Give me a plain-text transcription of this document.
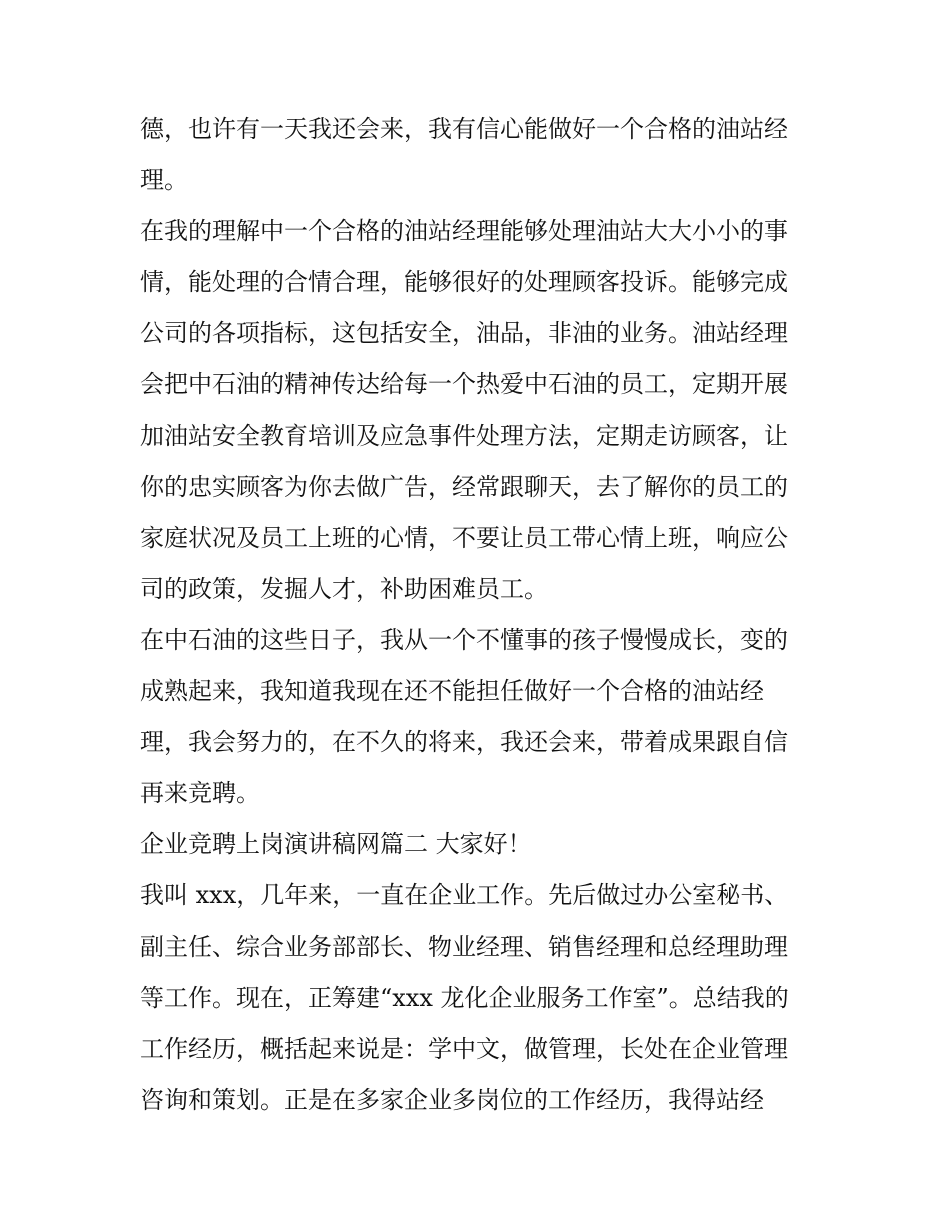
德，也许有一天我还会来，我有信心能做好一个合格的油站经
理。
在我的理解中一个合格的油站经理能够处理油站大大小小的事
情，能处理的合情合理，能够很好的处理顾客投诉。能够完成
公司的各项指标，这包括安全，油品，非油的业务。油站经理
会把中石油的精神传达给每一个热爱中石油的员工，定期开展
加油站安全教育培训及应急事件处理方法，定期走访顾客，让
你的忠实顾客为你去做广告，经常跟聊天，去了解你的员工的
家庭状况及员工上班的心情，不要让员工带心情上班，响应公
司的政策，发掘人才，补助困难员工。
在中石油的这些日子，我从一个不懂事的孩子慢慢成长，变的
成熟起来，我知道我现在还不能担任做好一个合格的油站经
理，我会努力的，在不久的将来，我还会来，带着成果跟自信
再来竞聘。
企业竞聘上岗演讲稿网篇二 大家好！
我叫 xxx，几年来，一直在企业工作。先后做过办公室秘书、
副主任、综合业务部部长、物业经理、销售经理和总经理助理
等工作。现在，正筹建“xxx 龙化企业服务工作室”。总结我的
工作经历，概括起来说是：学中文，做管理，长处在企业管理
咨询和策划。正是在多家企业多岗位的工作经历，我得站经
